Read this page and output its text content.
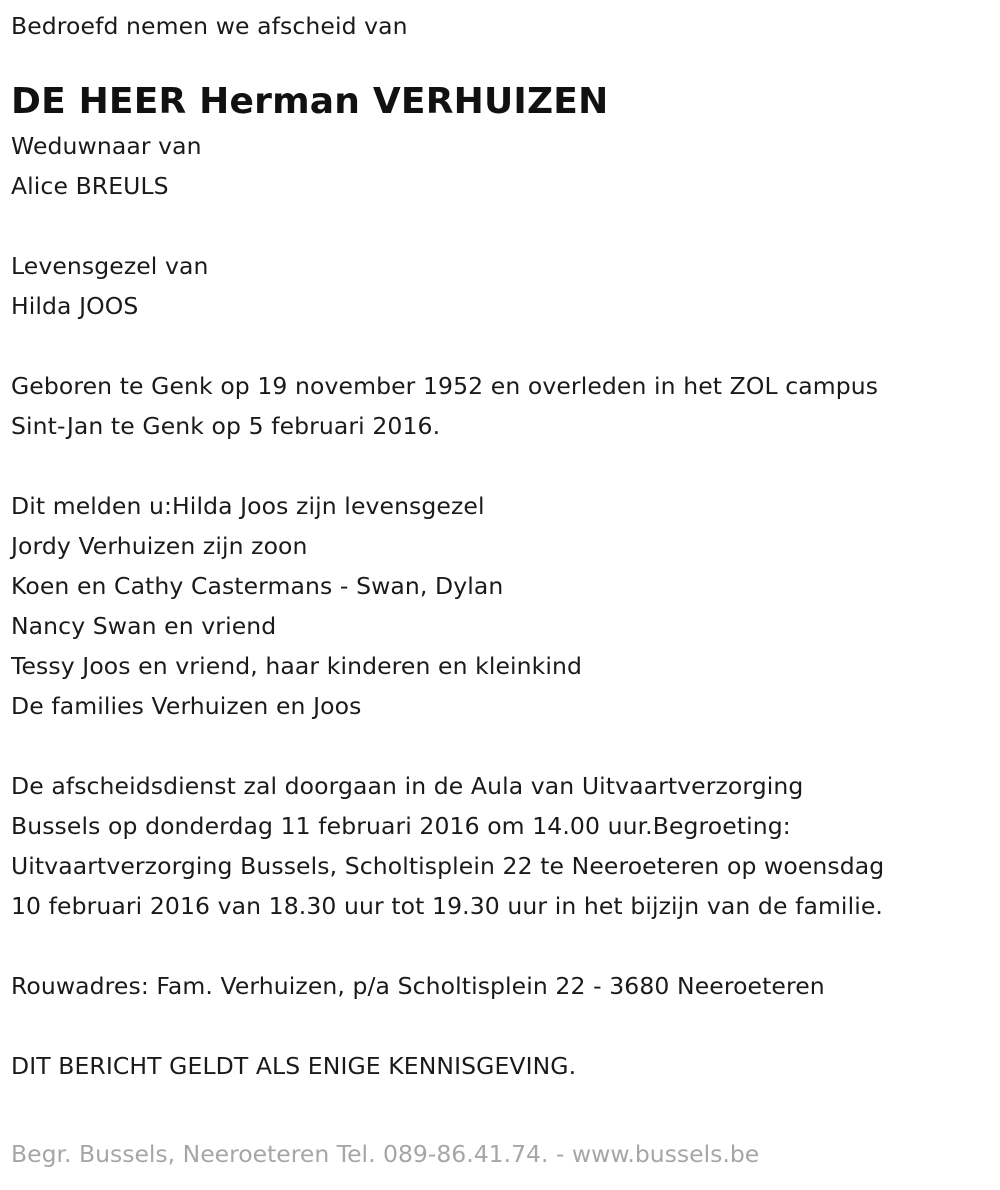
Bedroefd nemen we afscheid van
DE HEER Herman VERHUIZEN
Weduwnaar van
Alice BREULS
Levensgezel van
Hilda JOOS
Geboren te Genk op 19 november 1952 en overleden in het ZOL campus
Sint-Jan te Genk op 5 februari 2016.
Dit melden u:Hilda Joos zijn levensgezel
Jordy Verhuizen zijn zoon
Koen en Cathy Castermans - Swan, Dylan
Nancy Swan en vriend
Tessy Joos en vriend, haar kinderen en kleinkind
De families Verhuizen en Joos
De afscheidsdienst zal doorgaan in de Aula van Uitvaartverzorging
Bussels op donderdag 11 februari 2016 om 14.00 uur.Begroeting:
Uitvaartverzorging Bussels, Scholtisplein 22 te Neeroeteren op woensdag
10 februari 2016 van 18.30 uur tot 19.30 uur in het bijzijn van de familie.
Rouwadres: Fam. Verhuizen, p/a Scholtisplein 22 - 3680 Neeroeteren
DIT BERICHT GELDT ALS ENIGE KENNISGEVING.
Begr. Bussels, Neeroeteren Tel. 089-86.41.74. - www.bussels.be
